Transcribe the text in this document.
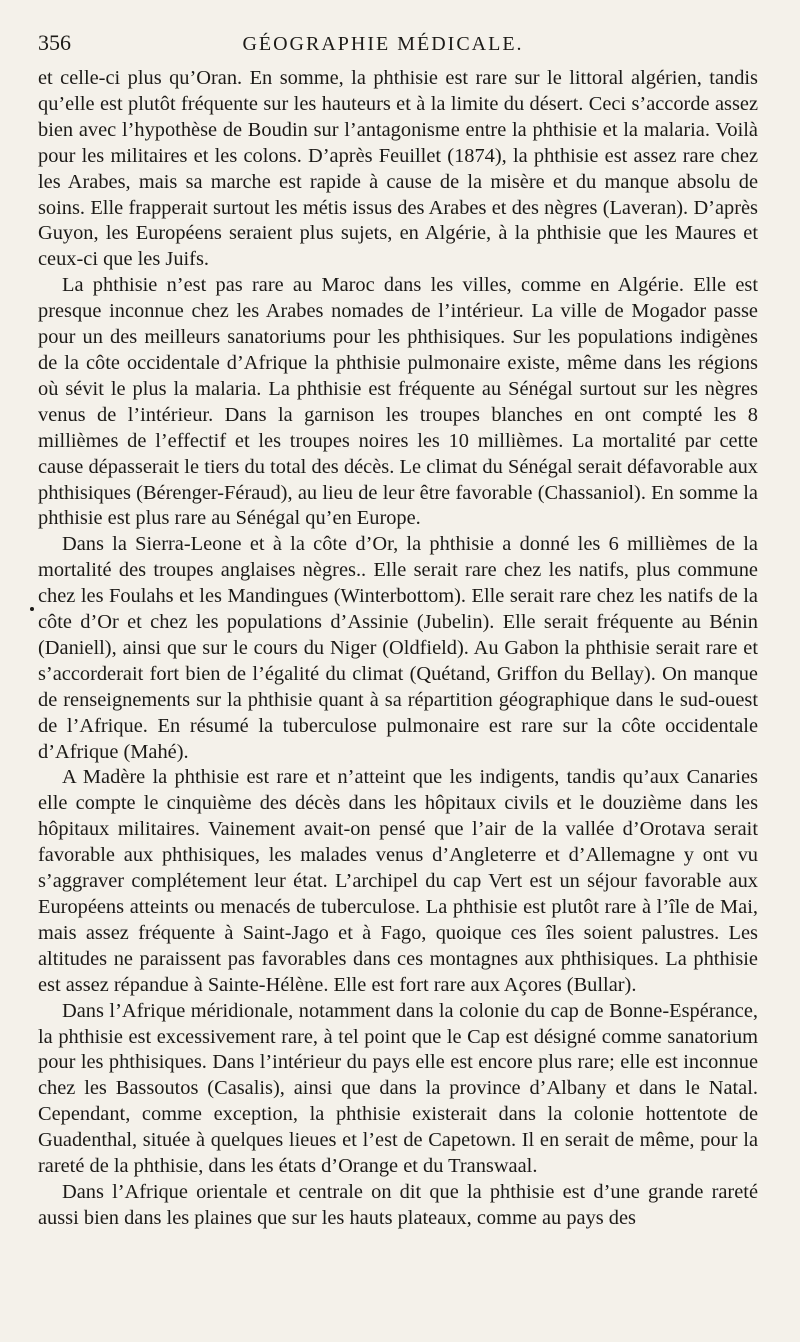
356	GÉOGRAPHIE MÉDICALE.

et celle-ci plus qu’Oran. En somme, la phthisie est rare sur le littoral algérien, tandis qu’elle est plutôt fréquente sur les hauteurs et à la limite du désert. Ceci s’accorde assez bien avec l’hypothèse de Boudin sur l’antagonisme entre la phthisie et la malaria. Voilà pour les militaires et les colons. D’après Feuillet (1874), la phthisie est assez rare chez les Arabes, mais sa marche est rapide à cause de la misère et du manque absolu de soins. Elle frapperait surtout les métis issus des Arabes et des nègres (Laveran). D’après Guyon, les Européens seraient plus sujets, en Algérie, à la phthisie que les Maures et ceux-ci que les Juifs.

La phthisie n’est pas rare au Maroc dans les villes, comme en Algérie. Elle est presque inconnue chez les Arabes nomades de l’intérieur. La ville de Mogador passe pour un des meilleurs sanatoriums pour les phthisiques. Sur les populations indigènes de la côte occidentale d’Afrique la phthisie pulmonaire existe, même dans les régions où sévit le plus la malaria. La phthisie est fréquente au Sénégal surtout sur les nègres venus de l’intérieur. Dans la garnison les troupes blanches en ont compté les 8 millièmes de l’effectif et les troupes noires les 10 millièmes. La mortalité par cette cause dépasserait le tiers du total des décès. Le climat du Sénégal serait défavorable aux phthisiques (Bérenger-Féraud), au lieu de leur être favorable (Chassaniol). En somme la phthisie est plus rare au Sénégal qu’en Europe.

Dans la Sierra-Leone et à la côte d’Or, la phthisie a donné les 6 millièmes de la mortalité des troupes anglaises nègres.. Elle serait rare chez les natifs, plus commune chez les Foulahs et les Mandingues (Winterbottom). Elle serait rare chez les natifs de la côte d’Or et chez les populations d’Assinie (Jubelin). Elle serait fréquente au Bénin (Daniell), ainsi que sur le cours du Niger (Oldfield). Au Gabon la phthisie serait rare et s’accorderait fort bien de l’égalité du climat (Quétand, Griffon du Bellay). On manque de renseignements sur la phthisie quant à sa répartition géographique dans le sud-ouest de l’Afrique. En résumé la tuberculose pulmonaire est rare sur la côte occidentale d’Afrique (Mahé).

A Madère la phthisie est rare et n’atteint que les indigents, tandis qu’aux Canaries elle compte le cinquième des décès dans les hôpitaux civils et le douzième dans les hôpitaux militaires. Vainement avait-on pensé que l’air de la vallée d’Orotava serait favorable aux phthisiques, les malades venus d’Angleterre et d’Allemagne y ont vu s’aggraver complétement leur état. L’archipel du cap Vert est un séjour favorable aux Européens atteints ou menacés de tuberculose. La phthisie est plutôt rare à l’île de Mai, mais assez fréquente à Saint-Jago et à Fago, quoique ces îles soient palustres. Les altitudes ne paraissent pas favorables dans ces montagnes aux phthisiques. La phthisie est assez répandue à Sainte-Hélène. Elle est fort rare aux Açores (Bullar).

Dans l’Afrique méridionale, notamment dans la colonie du cap de Bonne-Espérance, la phthisie est excessivement rare, à tel point que le Cap est désigné comme sanatorium pour les phthisiques. Dans l’intérieur du pays elle est encore plus rare; elle est inconnue chez les Bassoutos (Casalis), ainsi que dans la province d’Albany et dans le Natal. Cependant, comme exception, la phthisie existerait dans la colonie hottentote de Guadenthal, située à quelques lieues et l’est de Capetown. Il en serait de même, pour la rareté de la phthisie, dans les états d’Orange et du Transwaal.

Dans l’Afrique orientale et centrale on dit que la phthisie est d’une grande rareté aussi bien dans les plaines que sur les hauts plateaux, comme au pays des
